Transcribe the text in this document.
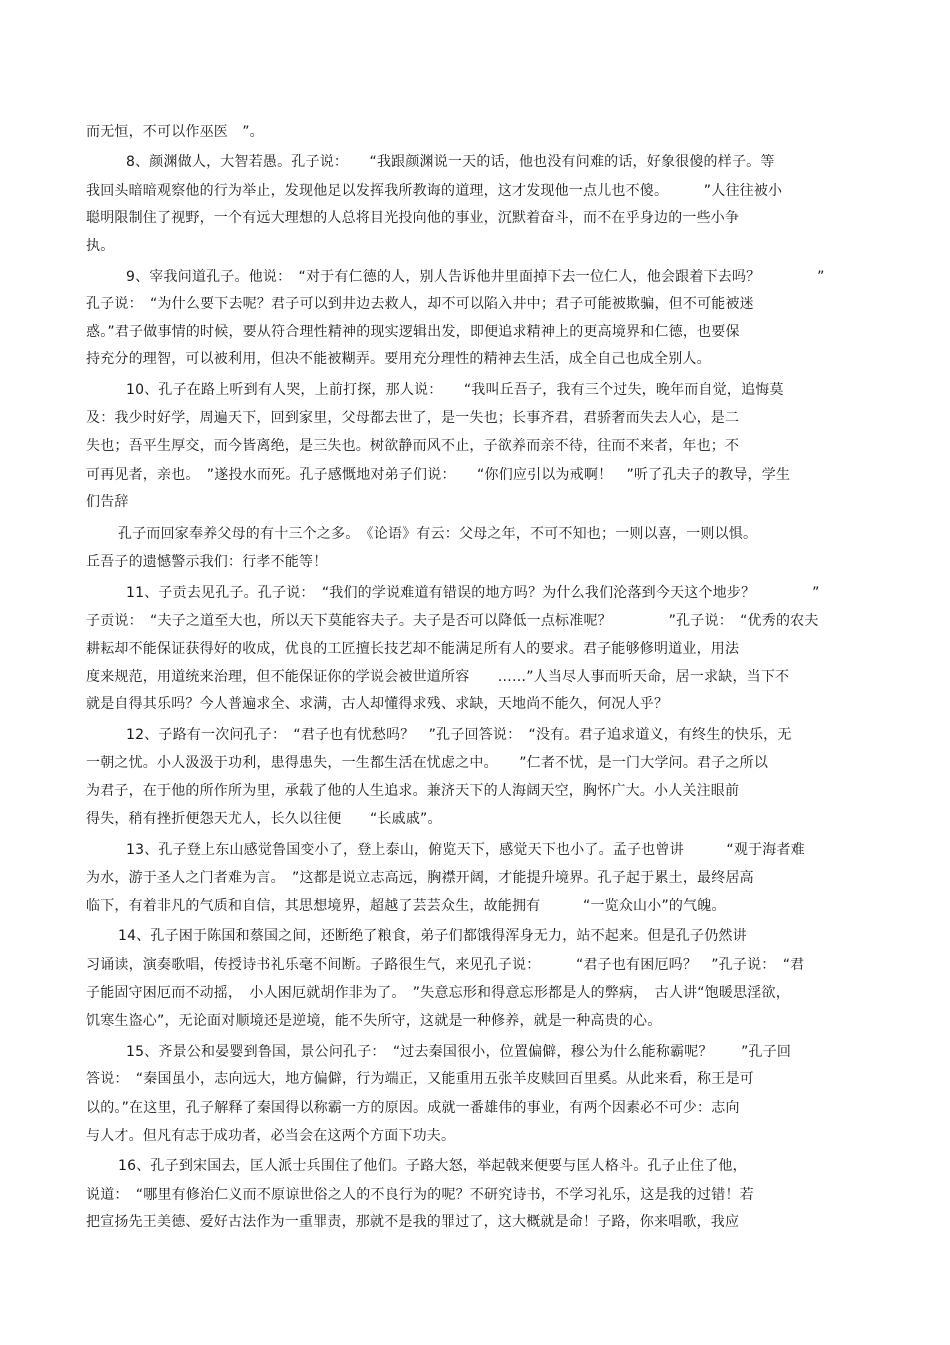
而无恒，不可以作巫医　”。
8、颜渊做人，大智若愚。孔子说：　　“我跟颜渊说一天的话，他也没有问难的话，好象很傻的样子。等
我回头暗暗观察他的行为举止，发现他足以发挥我所教诲的道理，这才发现他一点儿也不傻。　　　”人往往被小
聪明限制住了视野，一个有远大理想的人总将目光投向他的事业，沉默着奋斗，而不在乎身边的一些小争
执。
9、宰我问道孔子。他说：　“对于有仁德的人，别人告诉他井里面掉下去一位仁人，他会跟着下去吗？　　　　”
孔子说：　“为什么要下去呢？君子可以到井边去救人，却不可以陷入井中；君子可能被欺骗，但不可能被迷
惑。”君子做事情的时候，要从符合理性精神的现实逻辑出发，即便追求精神上的更高境界和仁德，也要保
持充分的理智，可以被利用，但决不能被糊弄。要用充分理性的精神去生活，成全自己也成全别人。
10、孔子在路上听到有人哭，上前打探，那人说：　　“我叫丘吾子，我有三个过失，晚年而自觉，追悔莫
及：我少时好学，周遍天下，回到家里，父母都去世了，是一失也；长事齐君，君骄奢而失去人心，是二
失也；吾平生厚交，而今皆离绝，是三失也。树欲静而风不止，子欲养而亲不待，往而不来者，年也；不
可再见者，亲也。　”遂投水而死。孔子感慨地对弟子们说：　　“你们应引以为戒啊！　”听了孔夫子的教导，学生
们告辞
孔子而回家奉养父母的有十三个之多。　《论语》有云：父母之年，不可不知也；一则以喜，一则以惧。
丘吾子的遗憾警示我们：行孝不能等！
11、子贡去见孔子。孔子说：　“我们的学说难道有错误的地方吗？为什么我们沦落到今天这个地步？　　　　”
子贡说：　“夫子之道至大也，所以天下莫能容夫子。夫子是否可以降低一点标准呢？　　　　”孔子说：　“优秀的农夫
耕耘却不能保证获得好的收成，优良的工匠擅长技艺却不能满足所有人的要求。君子能够修明道业，用法
度来规范，用道统来治理，但不能保证你的学说会被世道所容　　……”人当尽人事而听天命，居一求缺，当下不
就是自得其乐吗？今人普遍求全、求满，古人却懂得求残、求缺，天地尚不能久，何况人乎？
12、子路有一次问孔子：　“君子也有忧愁吗？　”孔子回答说：　“没有。君子追求道义，有终生的快乐，无
一朝之忧。小人汲汲于功利，患得患失，一生都生活在忧虑之中。　　”仁者不忧，是一门大学问。君子之所以
为君子，在于他的所作所为里，承载了他的人生追求。兼济天下的人海阔天空，胸怀广大。小人关注眼前
得失，稍有挫折便怨天尤人，长久以往便　　“长戚戚”。
13、孔子登上东山感觉鲁国变小了，登上泰山，俯览天下，感觉天下也小了。孟子也曾讲　　　“观于海者难
为水，游于圣人之门者难为言。　”这都是说立志高远，胸襟开阔，才能提升境界。孔子起于累土，最终居高
临下，有着非凡的气质和自信，其思想境界，超越了芸芸众生，故能拥有　　　“一览众山小”的气魄。
14、孔子困于陈国和蔡国之间，还断绝了粮食，弟子们都饿得浑身无力，站不起来。但是孔子仍然讲
习诵读，演奏歌唱，传授诗书礼乐毫不间断。子路很生气，来见孔子说：　　　“君子也有困厄吗？　”孔子说：　“君
子能固守困厄而不动摇，　小人困厄就胡作非为了。　”失意忘形和得意忘形都是人的弊病，　古人讲“饱暖思淫欲，
饥寒生盗心”，无论面对顺境还是逆境，能不失所守，这就是一种修养，就是一种高贵的心。
15、齐景公和晏婴到鲁国，景公问孔子：　“过去秦国很小，位置偏僻，穆公为什么能称霸呢？　　”孔子回
答说：　“秦国虽小，志向远大，地方偏僻，行为端正，又能重用五张羊皮赎回百里奚。从此来看，称王是可
以的。”在这里，孔子解释了秦国得以称霸一方的原因。成就一番雄伟的事业，有两个因素必不可少：志向
与人才。但凡有志于成功者，必当会在这两个方面下功夫。
16、孔子到宋国去，匡人派士兵围住了他们。子路大怒，举起戟来便要与匡人格斗。孔子止住了他，
说道：　“哪里有修治仁义而不原谅世俗之人的不良行为的呢？不研究诗书，不学习礼乐，这是我的过错！若
把宣扬先王美德、爱好古法作为一重罪责，那就不是我的罪过了，这大概就是命！子路，你来唱歌，我应
